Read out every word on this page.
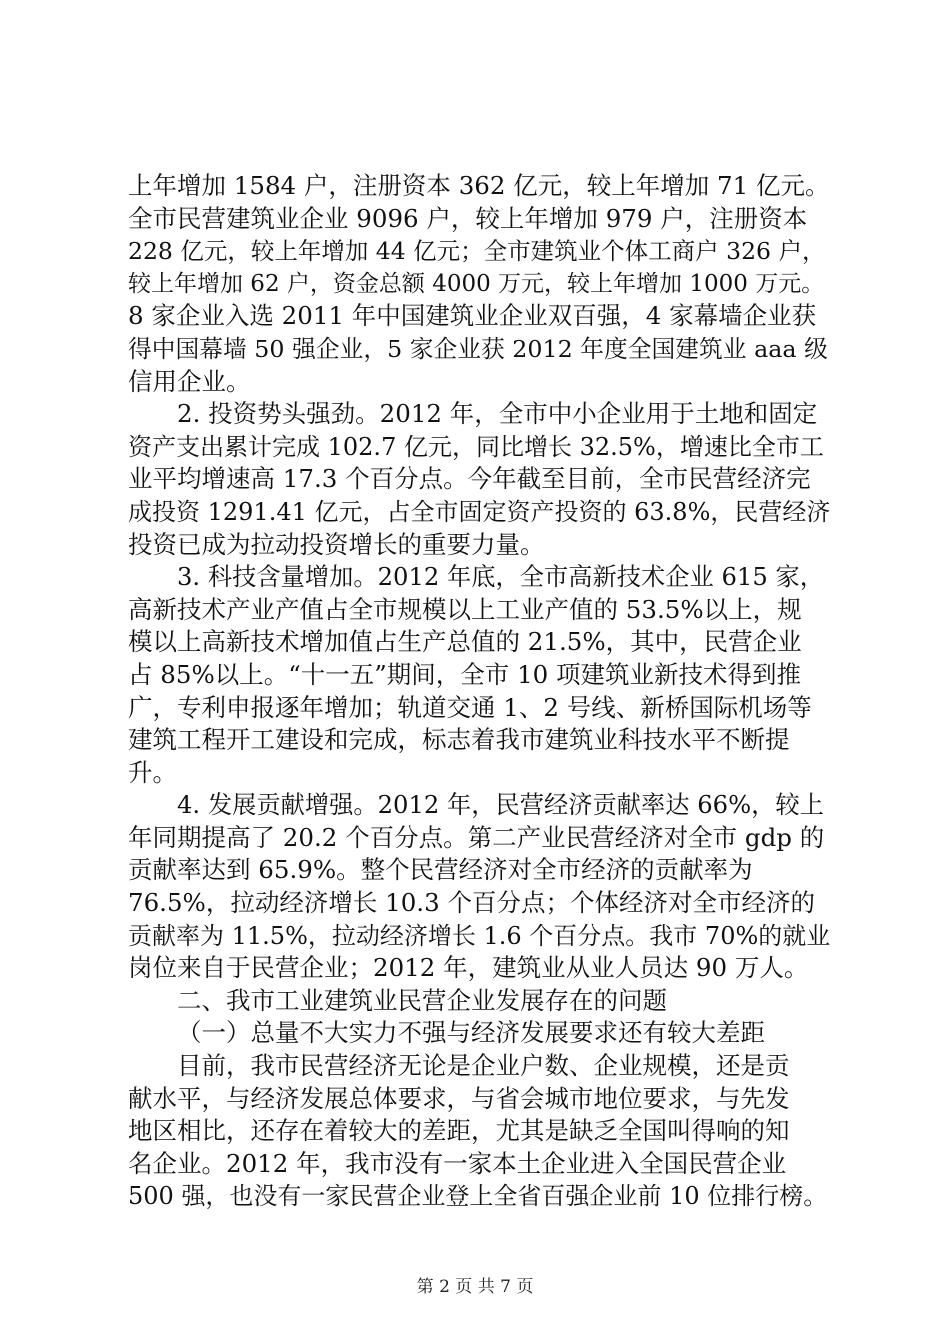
上年增加 1584 户，注册资本 362 亿元，较上年增加 71 亿元。
全市民营建筑业企业 9096 户，较上年增加 979 户，注册资本
228 亿元，较上年增加 44 亿元；全市建筑业个体工商户 326 户，
较上年增加 62 户，资金总额 4000 万元，较上年增加 1000 万元。
8 家企业入选 2011 年中国建筑业企业双百强，4 家幕墙企业获
得中国幕墙 50 强企业，5 家企业获 2012 年度全国建筑业 aaa 级
信用企业。
2. 投资势头强劲。2012 年，全市中小企业用于土地和固定
资产支出累计完成 102.7 亿元，同比增长 32.5%，增速比全市工
业平均增速高 17.3 个百分点。今年截至目前，全市民营经济完
成投资 1291.41 亿元，占全市固定资产投资的 63.8%，民营经济
投资已成为拉动投资增长的重要力量。
3. 科技含量增加。2012 年底，全市高新技术企业 615 家，
高新技术产业产值占全市规模以上工业产值的 53.5%以上，规
模以上高新技术增加值占生产总值的 21.5%，其中，民营企业
占 85%以上。“十一五”期间，全市 10 项建筑业新技术得到推
广，专利申报逐年增加；轨道交通 1、2 号线、新桥国际机场等
建筑工程开工建设和完成，标志着我市建筑业科技水平不断提
升。
4. 发展贡献增强。2012 年，民营经济贡献率达 66%，较上
年同期提高了 20.2 个百分点。第二产业民营经济对全市 gdp 的
贡献率达到 65.9%。整个民营经济对全市经济的贡献率为
76.5%，拉动经济增长 10.3 个百分点；个体经济对全市经济的
贡献率为 11.5%，拉动经济增长 1.6 个百分点。我市 70%的就业
岗位来自于民营企业；2012 年，建筑业从业人员达 90 万人。
二、我市工业建筑业民营企业发展存在的问题
（一）总量不大实力不强与经济发展要求还有较大差距
目前，我市民营经济无论是企业户数、企业规模，还是贡
献水平，与经济发展总体要求，与省会城市地位要求，与先发
地区相比，还存在着较大的差距，尤其是缺乏全国叫得响的知
名企业。2012 年，我市没有一家本土企业进入全国民营企业
500 强，也没有一家民营企业登上全省百强企业前 10 位排行榜。
第 2 页 共 7 页
